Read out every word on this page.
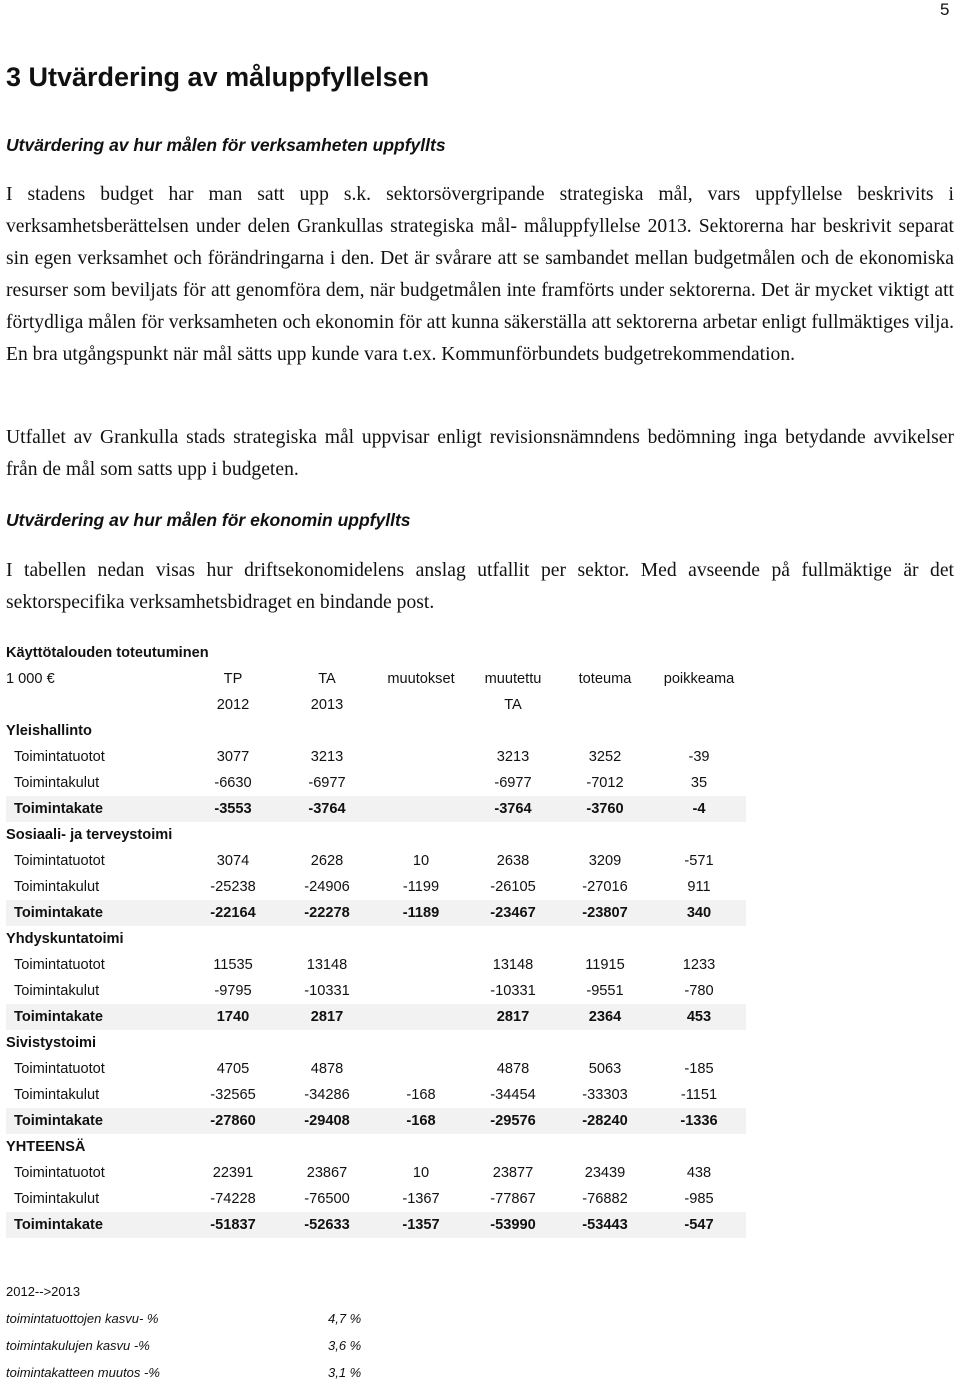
5
3 Utvärdering av måluppfyllelsen
Utvärdering av hur målen för verksamheten uppfyllts

I stadens budget har man satt upp s.k. sektorsövergripande strategiska mål, vars uppfyllelse beskrivits i verksamhetsberättelsen under delen Grankullas strategiska mål- måluppfyllelse 2013. Sektorerna har beskrivit separat sin egen verksamhet och förändringarna i den. Det är svårare att se sambandet mellan budgetmålen och de ekonomiska resurser som beviljats för att genomföra dem, när budgetmålen inte framförts under sektorerna. Det är mycket viktigt att förtydliga målen för verksamheten och ekonomin för att kunna säkerställa att sektorerna arbetar enligt fullmäktiges vilja. En bra utgångspunkt när mål sätts upp kunde vara t.ex. Kommunförbundets budgetrekommendation.

Utfallet av Grankulla stads strategiska mål uppvisar enligt revisionsnämndens bedömning inga betydande avvikelser från de mål som satts upp i budgeten.

Utvärdering av hur målen för ekonomin uppfyllts

I tabellen nedan visas hur driftsekonomidelens anslag utfallit per sektor. Med avseende på fullmäktige är det sektorspecifika verksamhetsbidraget en bindande post.

Käyttötalouden toteutuminen						
1 000 €	TP	TA	muutokset	muutettu	toteuma	poikkeama
	2012	2013		TA		
Yleishallinto						
Toimintatuotot	3077	3213		3213	3252	-39
Toimintakulut	-6630	-6977		-6977	-7012	35
Toimintakate	-3553	-3764		-3764	-3760	-4
Sosiaali- ja terveystoimi						
Toimintatuotot	3074	2628	10	2638	3209	-571
Toimintakulut	-25238	-24906	-1199	-26105	-27016	911
Toimintakate	-22164	-22278	-1189	-23467	-23807	340
Yhdyskuntatoimi						
Toimintatuotot	11535	13148		13148	11915	1233
Toimintakulut	-9795	-10331		-10331	-9551	-780
Toimintakate	1740	2817		2817	2364	453
Sivistystoimi						
Toimintatuotot	4705	4878		4878	5063	-185
Toimintakulut	-32565	-34286	-168	-34454	-33303	-1151
Toimintakate	-27860	-29408	-168	-29576	-28240	-1336
YHTEENSÄ						
Toimintatuotot	22391	23867	10	23877	23439	438
Toimintakulut	-74228	-76500	-1367	-77867	-76882	-985
Toimintakate	-51837	-52633	-1357	-53990	-53443	-547
2012-->2013
toimintatuottojen kasvu- %	4,7 %
toimintakulujen kasvu -%	3,6 %
toimintakatteen muutos -%	3,1 %
